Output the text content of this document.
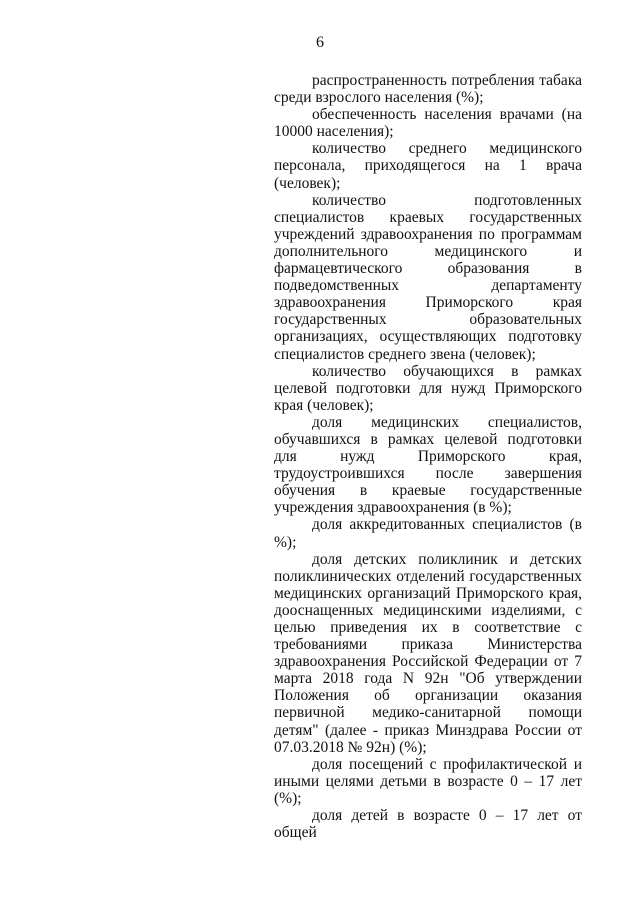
6

распространенность потребления табака среди взрослого населения (%);

обеспеченность населения врачами (на 10000 населения);

количество среднего медицинского персонала, приходящегося на 1 врача (человек);

количество подготовленных специалистов краевых государственных учреждений здравоохранения по программам дополнительного медицинского и фармацевтического образования в подведомственных департаменту здравоохранения Приморского края государственных образовательных организациях, осуществляющих подготовку специалистов среднего звена (человек);

количество обучающихся в рамках целевой подготовки для нужд Приморского края (человек);

доля медицинских специалистов, обучавшихся в рамках целевой подготовки для нужд Приморского края, трудоустроившихся после завершения обучения в краевые государственные учреждения здравоохранения (в %);

доля аккредитованных специалистов (в %);

доля детских поликлиник и детских поликлинических отделений государственных медицинских организаций Приморского края, дооснащенных медицинскими изделиями, с целью приведения их в соответствие с требованиями приказа Министерства здравоохранения Российской Федерации от 7 марта 2018 года N 92н "Об утверждении Положения об организации оказания первичной медико-санитарной помощи детям" (далее - приказ Минздрава России от 07.03.2018 № 92н) (%);

доля посещений с профилактической и иными целями детьми в возрасте 0 – 17 лет (%);

доля детей в возрасте 0 – 17 лет от общей
